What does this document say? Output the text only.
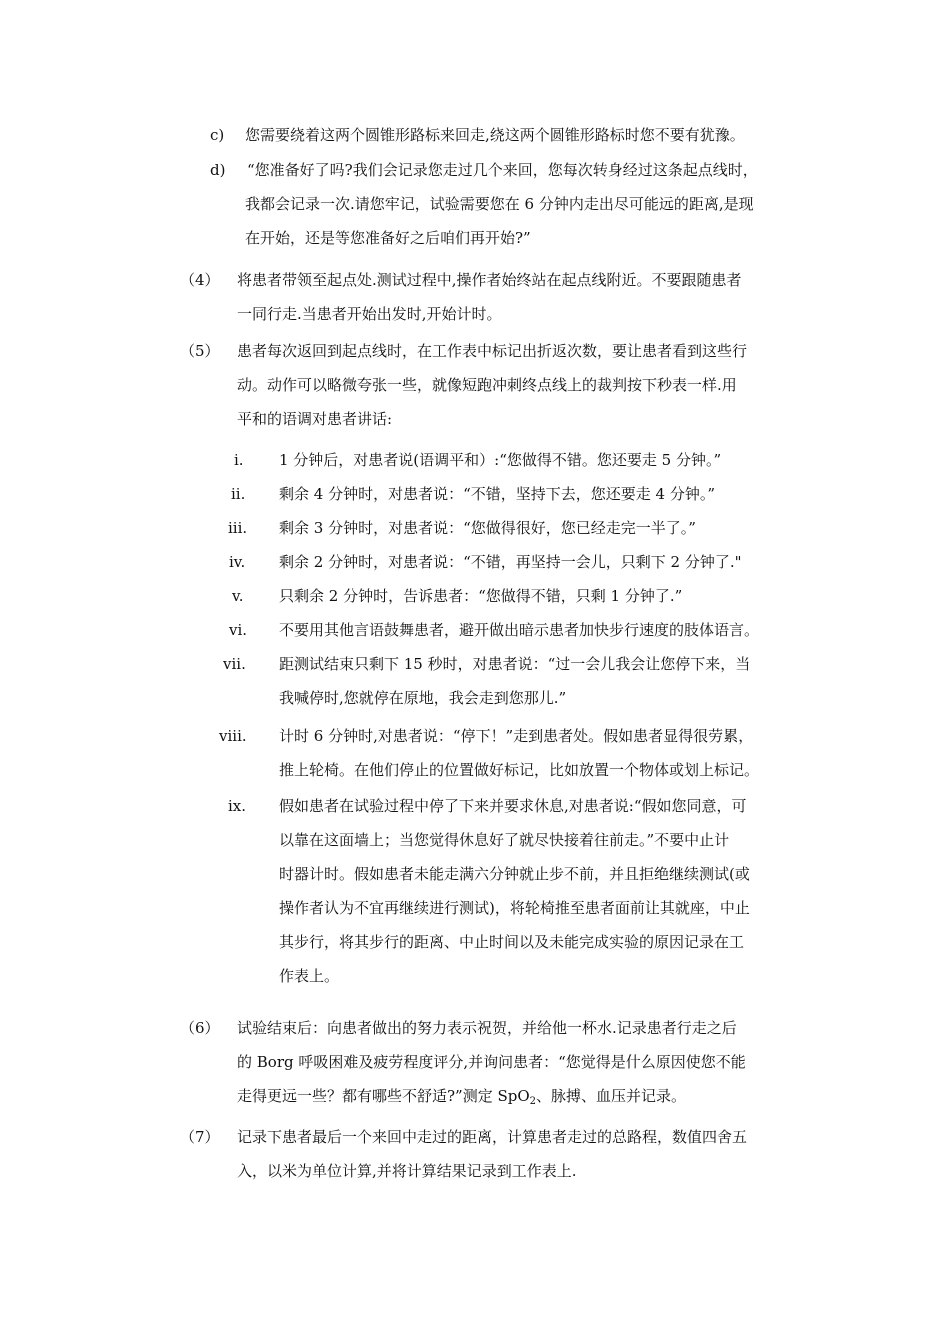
c) 您需要绕着这两个圆锥形路标来回走,绕这两个圆锥形路标时您不要有犹豫。
d) “您准备好了吗?我们会记录您走过几个来回，您每次转身经过这条起点线时，
我都会记录一次.请您牢记，试验需要您在 6 分钟内走出尽可能远的距离,是现
在开始，还是等您准备好之后咱们再开始?”
（4） 将患者带领至起点处.测试过程中,操作者始终站在起点线附近。不要跟随患者
一同行走.当患者开始出发时,开始计时。
（5） 患者每次返回到起点线时，在工作表中标记出折返次数，要让患者看到这些行
动。动作可以略微夸张一些，就像短跑冲刺终点线上的裁判按下秒表一样.用
平和的语调对患者讲话:
i. 1 分钟后，对患者说(语调平和）:“您做得不错。您还要走 5 分钟。”
ii. 剩余 4 分钟时，对患者说：“不错，坚持下去，您还要走 4 分钟。”
iii. 剩余 3 分钟时，对患者说：“您做得很好，您已经走完一半了。”
iv. 剩余 2 分钟时，对患者说：“不错，再坚持一会儿，只剩下 2 分钟了."
v. 只剩余 2 分钟时，告诉患者：“您做得不错，只剩 1 分钟了.”
vi. 不要用其他言语鼓舞患者，避开做出暗示患者加快步行速度的肢体语言。
vii. 距测试结束只剩下 15 秒时，对患者说：“过一会儿我会让您停下来，当
我喊停时,您就停在原地，我会走到您那儿.”
viii. 计时 6 分钟时,对患者说：“停下！”走到患者处。假如患者显得很劳累，
推上轮椅。在他们停止的位置做好标记，比如放置一个物体或划上标记。
ix. 假如患者在试验过程中停了下来并要求休息,对患者说:“假如您同意，可
以靠在这面墙上；当您觉得休息好了就尽快接着往前走。”不要中止计
时器计时。假如患者未能走满六分钟就止步不前，并且拒绝继续测试(或
操作者认为不宜再继续进行测试)，将轮椅推至患者面前让其就座，中止
其步行，将其步行的距离、中止时间以及未能完成实验的原因记录在工
作表上。
（6） 试验结束后：向患者做出的努力表示祝贺，并给他一杯水.记录患者行走之后
的 Borg 呼吸困难及疲劳程度评分,并询问患者：“您觉得是什么原因使您不能
走得更远一些？都有哪些不舒适?”测定 SpO$_2$、脉搏、血压并记录。
（7） 记录下患者最后一个来回中走过的距离，计算患者走过的总路程，数值四舍五
入，以米为单位计算,并将计算结果记录到工作表上.
